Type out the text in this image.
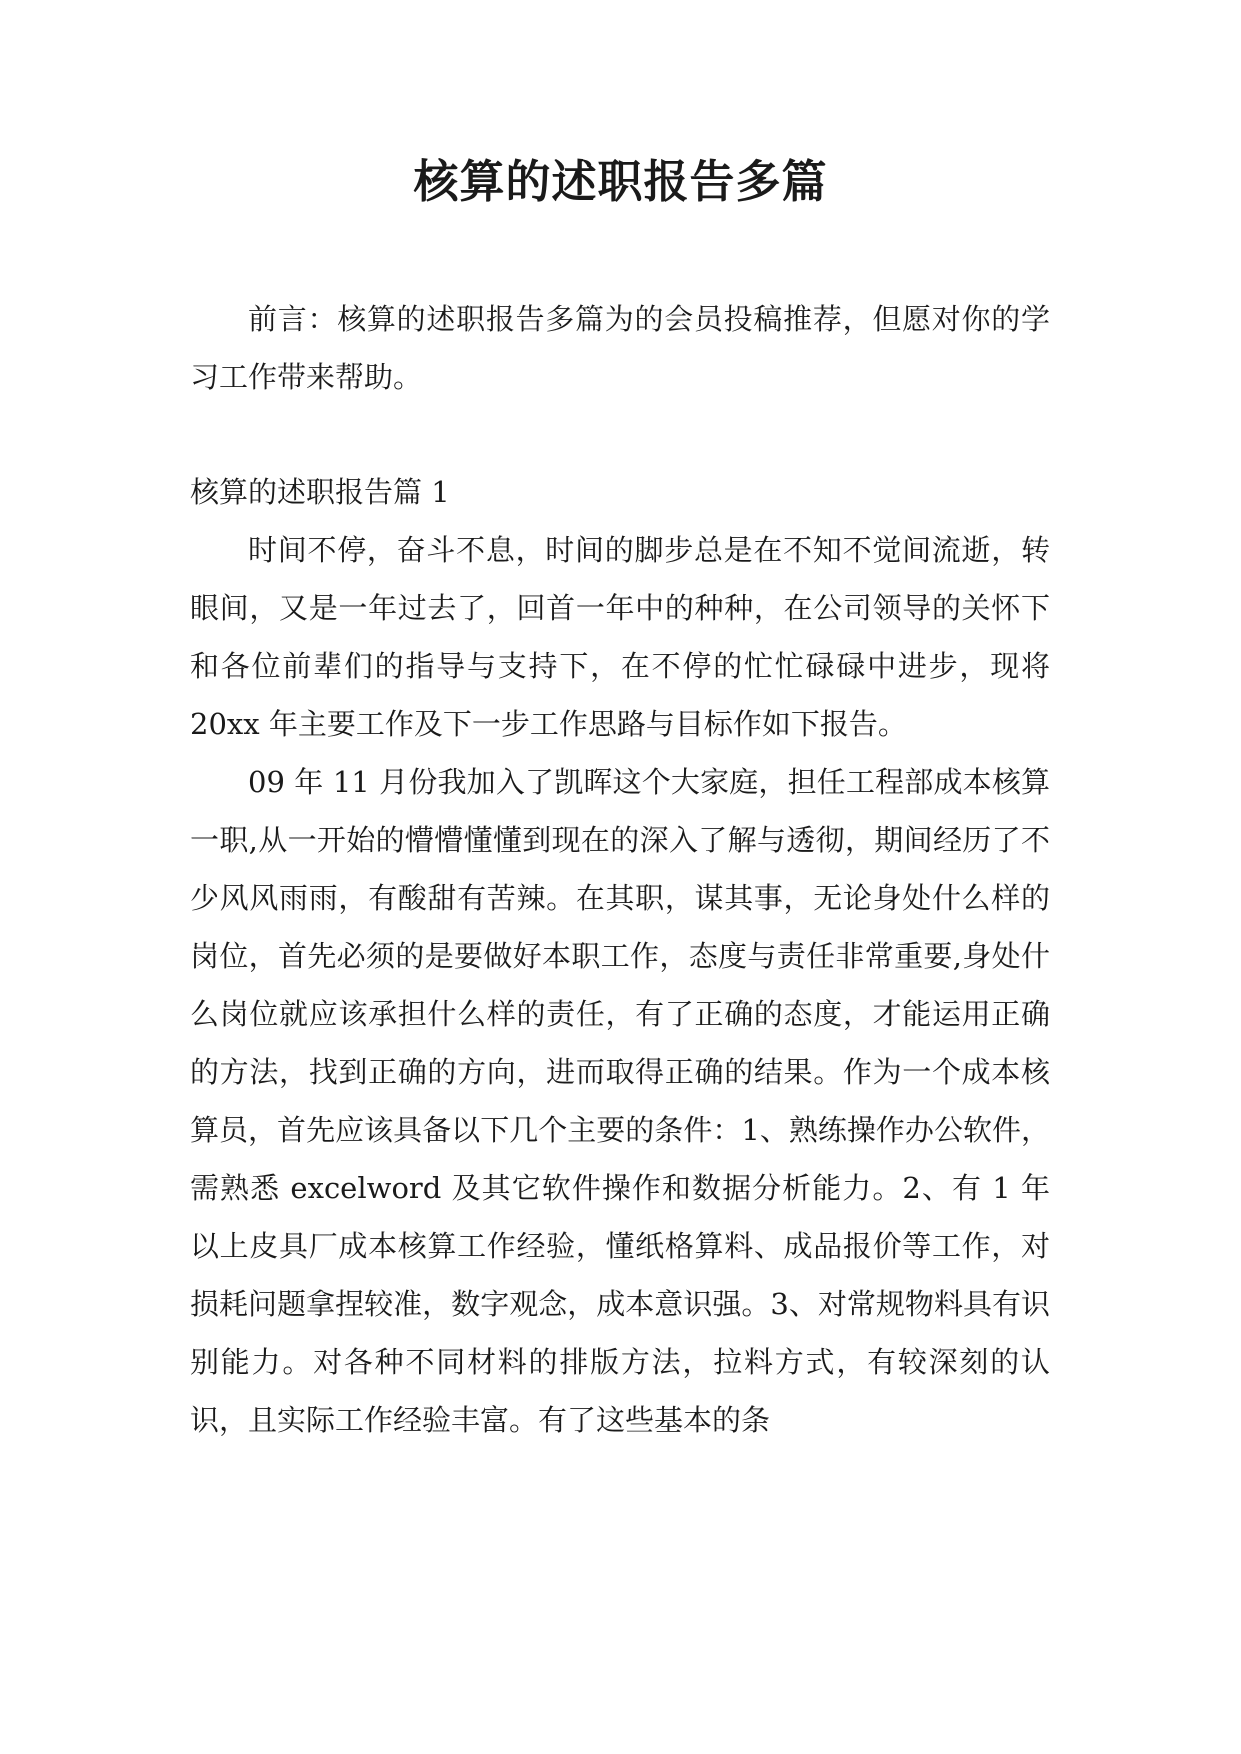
核算的述职报告多篇

前言：核算的述职报告多篇为的会员投稿推荐，但愿对你的学习工作带来帮助。

核算的述职报告篇 1

时间不停，奋斗不息，时间的脚步总是在不知不觉间流逝，转眼间，又是一年过去了，回首一年中的种种，在公司领导的关怀下和各位前辈们的指导与支持下，在不停的忙忙碌碌中进步，现将 20xx 年主要工作及下一步工作思路与目标作如下报告。

09 年 11 月份我加入了凯晖这个大家庭，担任工程部成本核算一职,从一开始的懵懵懂懂到现在的深入了解与透彻，期间经历了不少风风雨雨，有酸甜有苦辣。在其职，谋其事，无论身处什么样的岗位，首先必须的是要做好本职工作，态度与责任非常重要,身处什么岗位就应该承担什么样的责任，有了正确的态度，才能运用正确的方法，找到正确的方向，进而取得正确的结果。作为一个成本核算员，首先应该具备以下几个主要的条件：1、熟练操作办公软件，需熟悉 excelword 及其它软件操作和数据分析能力。2、有 1 年以上皮具厂成本核算工作经验，懂纸格算料、成品报价等工作，对损耗问题拿捏较准，数字观念，成本意识强。3、对常规物料具有识别能力。对各种不同材料的排版方法，拉料方式，有较深刻的认识，且实际工作经验丰富。有了这些基本的条
